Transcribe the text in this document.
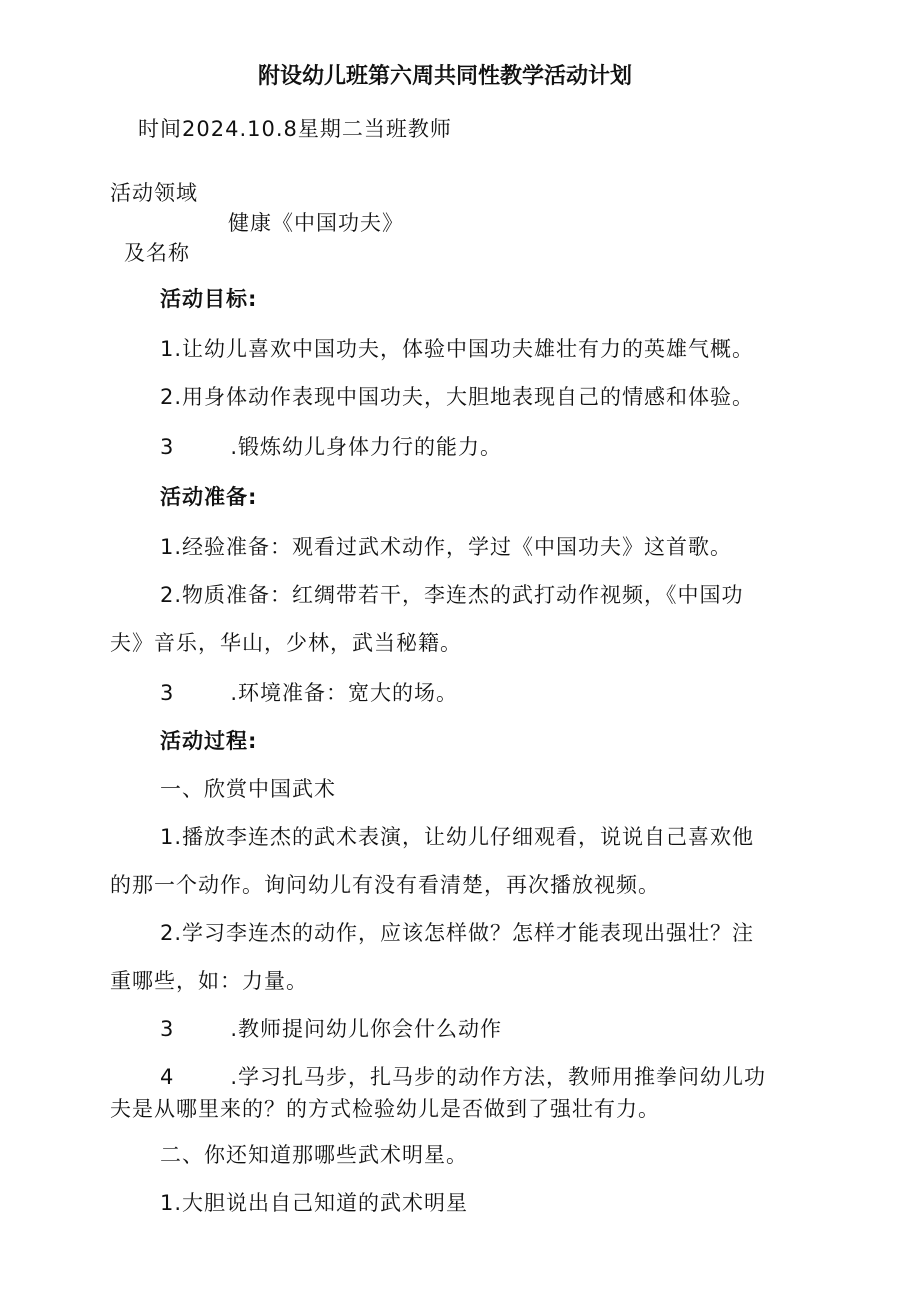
附设幼儿班第六周共同性教学活动计划
时间2024.10.8星期二当班教师
活动领域
健康《中国功夫》
及名称
活动目标:
1.让幼儿喜欢中国功夫，体验中国功夫雄壮有力的英雄气概。
2.用身体动作表现中国功夫，大胆地表现自己的情感和体验。
3	.锻炼幼儿身体力行的能力。
活动准备:
1.经验准备：观看过武术动作，学过《中国功夫》这首歌。
2.物质准备：红绸带若干，李连杰的武打动作视频，《中国功
夫》音乐，华山，少林，武当秘籍。
3	.环境准备：宽大的场。
活动过程:
一、欣赏中国武术
1.播放李连杰的武术表演，让幼儿仔细观看，说说自己喜欢他
的那一个动作。询问幼儿有没有看清楚，再次播放视频。
2.学习李连杰的动作，应该怎样做？怎样才能表现出强壮？注
重哪些，如：力量。
3	.教师提问幼儿你会什么动作
4	.学习扎马步，扎马步的动作方法，教师用推拳问幼儿功
夫是从哪里来的？的方式检验幼儿是否做到了强壮有力。
二、你还知道那哪些武术明星。
1.大胆说出自己知道的武术明星
